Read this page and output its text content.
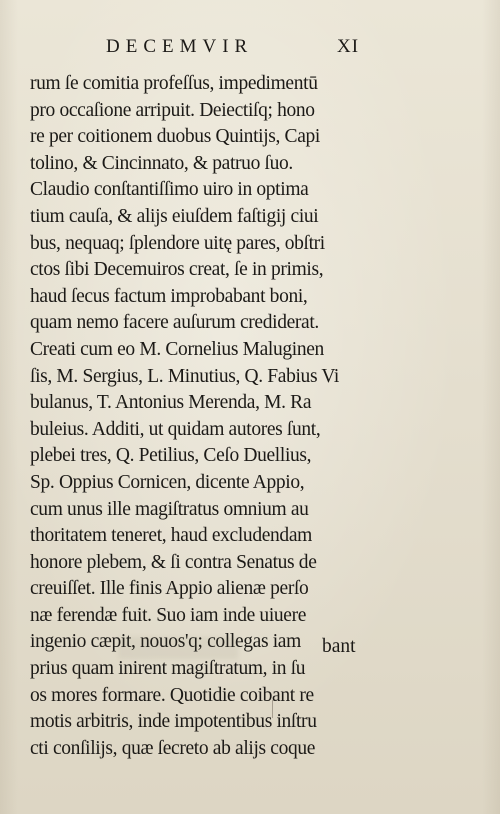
DECEMVIR	XI
rum ſe comitia profeſſus, impedimentū
pro occaſione arripuit. Deiectiſq; hono
re per coitionem duobus Quintijs, Capi
tolino, & Cincinnato, & patruo ſuo.
Claudio conſtantiſſimo uiro in optima
tium cauſa, & alijs eiuſdem faſtigij ciui
bus, nequaq; ſplendore uitę pares, obſtri
ctos ſibi Decemuiros creat, ſe in primis,
haud ſecus factum improbabant boni,
quam nemo facere auſurum crediderat.
Creati cum eo M. Cornelius Maluginen
ſis, M. Sergius, L. Minutius, Q. Fabius Vi
bulanus, T. Antonius Merenda, M. Ra
buleius. Additi, ut quidam autores ſunt,
plebei tres, Q. Petilius, Ceſo Duellius,
Sp. Oppius Cornicen, dicente Appio,
cum unus ille magiſtratus omnium au
thoritatem teneret, haud excludendam
honore plebem, & ſi contra Senatus de
creuiſſet. Ille finis Appio alienæ perſo
næ ferendæ fuit. Suo iam inde uiuere
ingenio cæpit, nouos'q; collegas iam
prius quam inirent magiſtratum, in ſu
os mores formare. Quotidie coibant re
motis arbitris, inde impotentibus inſtru
cti conſilijs, quæ ſecreto ab alijs coque
bant
